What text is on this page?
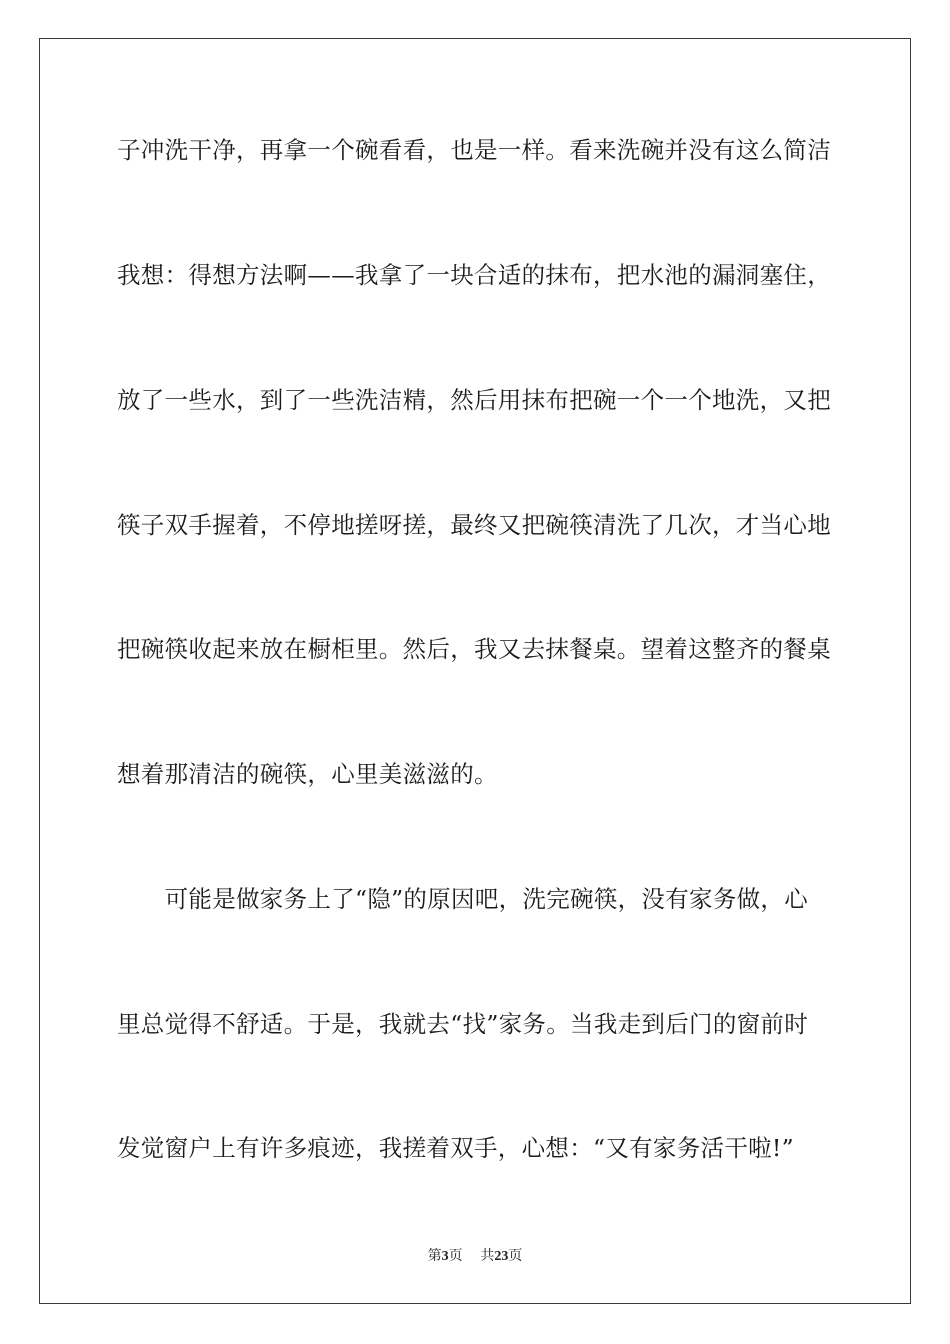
子冲洗干净，再拿一个碗看看，也是一样。看来洗碗并没有这么简洁
我想：得想方法啊——我拿了一块合适的抹布，把水池的漏洞塞住，
放了一些水，到了一些洗洁精，然后用抹布把碗一个一个地洗，又把
筷子双手握着，不停地搓呀搓，最终又把碗筷清洗了几次，才当心地
把碗筷收起来放在橱柜里。然后，我又去抹餐桌。望着这整齐的餐桌
想着那清洁的碗筷，心里美滋滋的。
　　可能是做家务上了“隐”的原因吧，洗完碗筷，没有家务做，心
里总觉得不舒适。于是，我就去“找”家务。当我走到后门的窗前时
发觉窗户上有许多痕迹，我搓着双手，心想：“又有家务活干啦!”
第3页 共23页
